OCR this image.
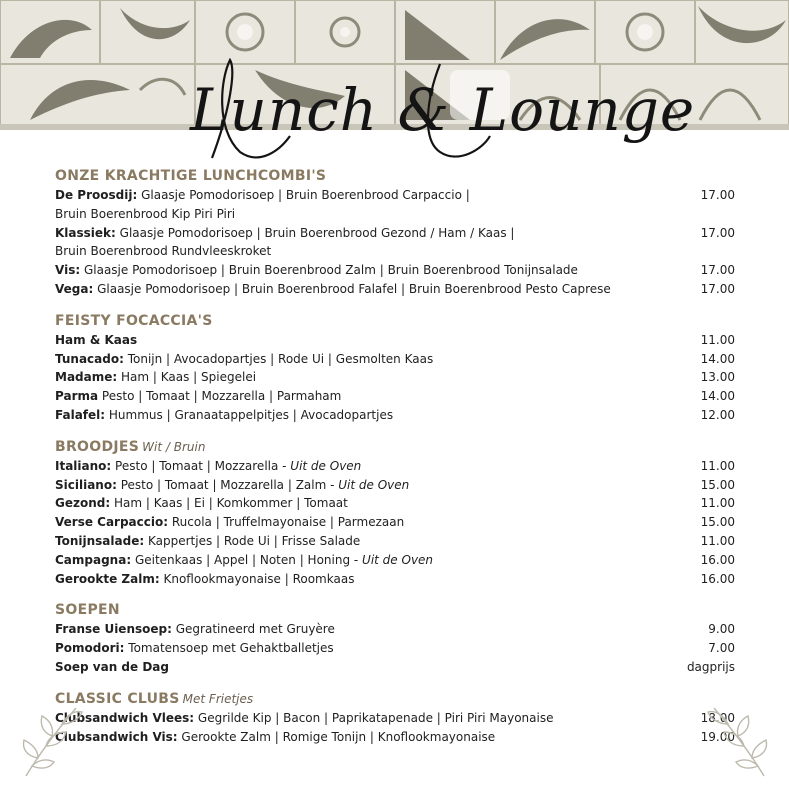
Lunch & Lounge
ONZE KRACHTIGE LUNCHCOMBI'S
De Proosdij: Glaasje Pomodorisoep | Bruin Boerenbrood Carpaccio |
Bruin Boerenbrood Kip Piri Piri
17.00
Klassiek: Glaasje Pomodorisoep | Bruin Boerenbrood Gezond / Ham / Kaas |
Bruin Boerenbrood Rundvleeskroket
17.00
Vis: Glaasje Pomodorisoep | Bruin Boerenbrood Zalm | Bruin Boerenbrood Tonijnsalade	17.00
Vega: Glaasje Pomodorisoep | Bruin Boerenbrood Falafel | Bruin Boerenbrood Pesto Caprese	17.00
FEISTY FOCACCIA'S
Ham & Kaas	11.00
Tunacado: Tonijn | Avocadopartjes | Rode Ui | Gesmolten Kaas	14.00
Madame: Ham | Kaas | Spiegelei	13.00
Parma Pesto | Tomaat | Mozzarella | Parmaham	14.00
Falafel: Hummus | Granaatappelpitjes | Avocadopartjes	12.00
BROODJES Wit / Bruin
Italiano: Pesto | Tomaat | Mozzarella - Uit de Oven	11.00
Siciliano: Pesto | Tomaat | Mozzarella | Zalm - Uit de Oven	15.00
Gezond: Ham | Kaas | Ei | Komkommer | Tomaat	11.00
Verse Carpaccio: Rucola | Truffelmayonaise | Parmezaan	15.00
Tonijnsalade: Kappertjes | Rode Ui | Frisse Salade	11.00
Campagna: Geitenkaas | Appel | Noten | Honing - Uit de Oven	16.00
Gerookte Zalm: Knoflookmayonaise | Roomkaas	16.00
SOEPEN
Franse Uiensoep: Gegratineerd met Gruyère	9.00
Pomodori: Tomatensoep met Gehaktballetjes	7.00
Soep van de Dag	dagprijs
CLASSIC CLUBS Met Frietjes
Clubsandwich Vlees: Gegrilde Kip | Bacon | Paprikatapenade | Piri Piri Mayonaise	18.00
Clubsandwich Vis: Gerookte Zalm | Romige Tonijn | Knoflookmayonaise	19.00
